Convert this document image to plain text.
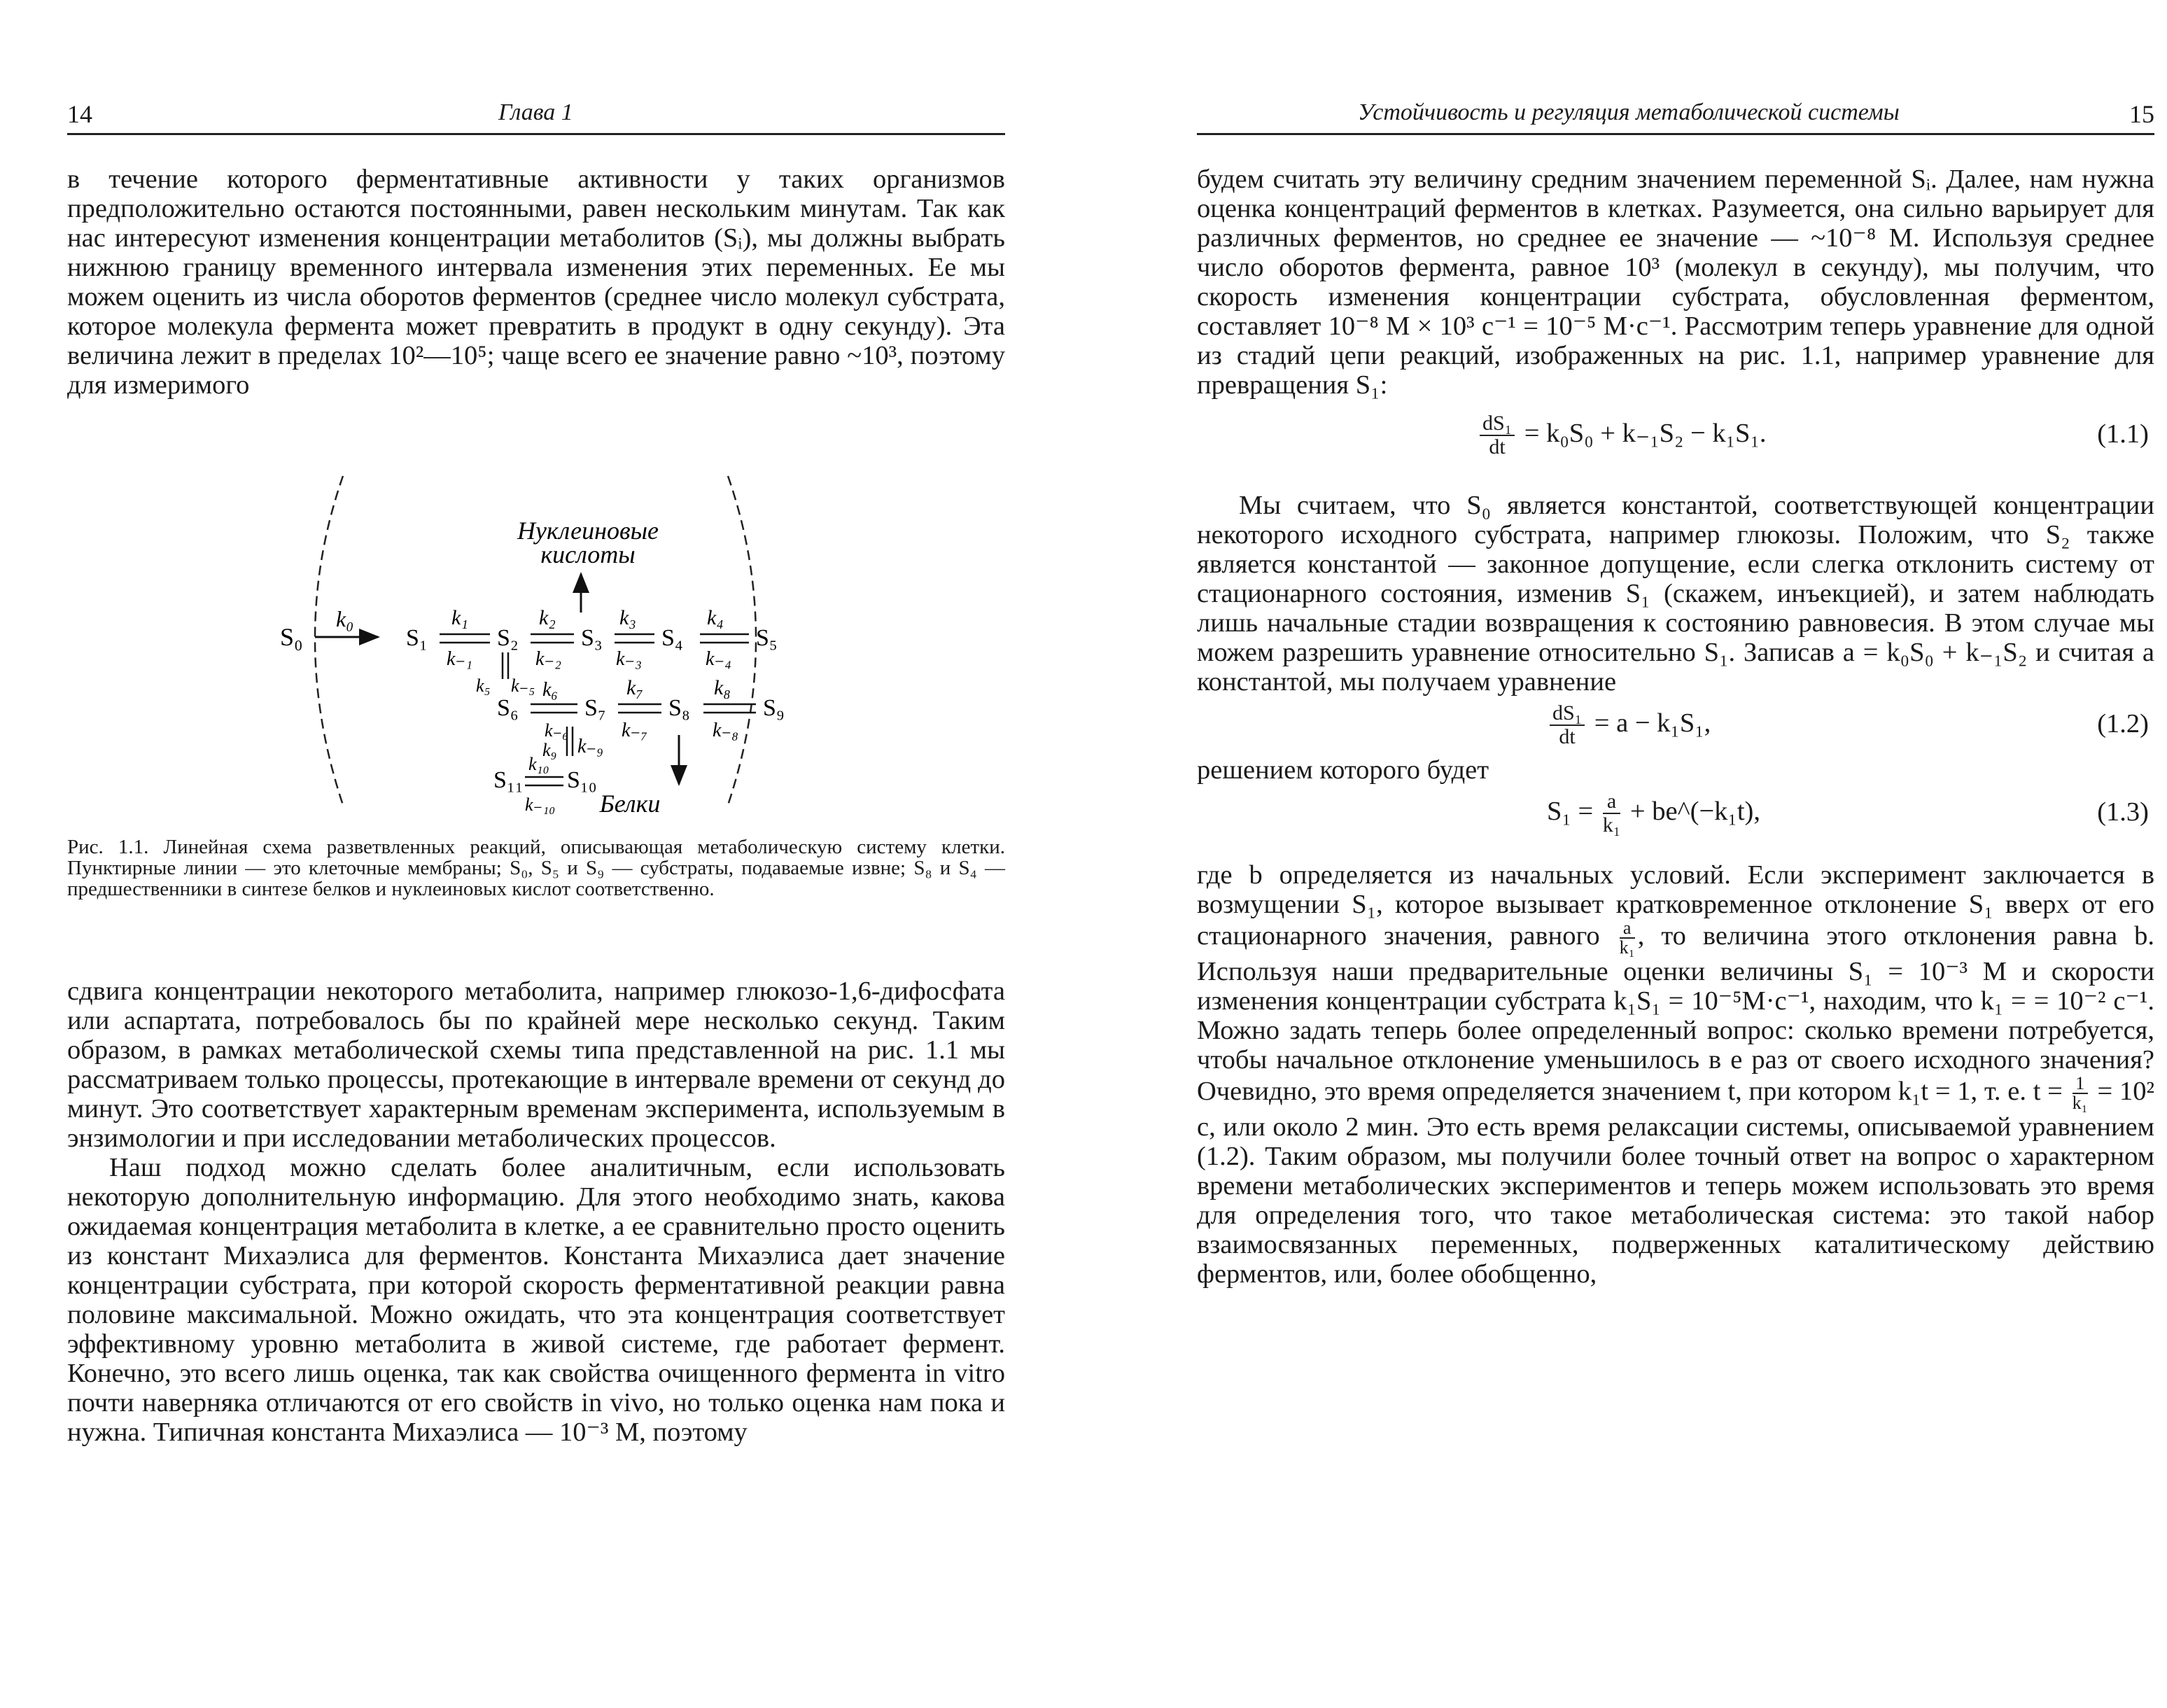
14	Глава 1

в течение которого ферментативные активности у таких организмов предположительно остаются постоянными, равен нескольким минутам. Так как нас интересуют изменения концентрации метаболитов (Sᵢ), мы должны выбрать нижнюю границу временного интервала изменения этих переменных. Ее мы можем оценить из числа оборотов ферментов (среднее число молекул субстрата, которое молекула фермента может превратить в продукт в одну секунду). Эта величина лежит в пределах 10²—10⁵; чаще всего ее значение равно ~10³, поэтому для измеримого

Нуклеиновые
кислоты
Белки
S₀
k₀
S₁	S₂	S₃ S₄	S₅
k₁
k₋₁
k₂
k₋₂
k₃
k₋₃
k₄
k₋₄
k₅ k₋₅
S₆	S₇	S₈	S₉
k₆
k₋₆
k₇
k₋₇
k₈
k₋₈
k₉ k₋₉
S₁₁ S₁₀
k₁₀
k₋₁₀
Рис. 1.1. Линейная схема разветвленных реакций, описывающая метаболическую систему клетки. Пунктирные линии — это клеточные мембраны; S₀, S₅ и S₉ — субстраты, подаваемые извне; S₈ и S₄ — предшественники в синтезе белков и нуклеиновых кислот соответственно.

сдвига концентрации некоторого метаболита, например глюкозо-1,6-дифосфата или аспартата, потребовалось бы по крайней мере несколько секунд. Таким образом, в рамках метаболической схемы типа представленной на рис. 1.1 мы рассматриваем только процессы, протекающие в интервале времени от секунд до минут. Это соответствует характерным временам эксперимента, используемым в энзимологии и при исследовании метаболических процессов.

Наш подход можно сделать более аналитичным, если использовать некоторую дополнительную информацию. Для этого необходимо знать, какова ожидаемая концентрация метаболита в клетке, а ее сравнительно просто оценить из констант Михаэлиса для ферментов. Константа Михаэлиса дает значение концентрации субстрата, при которой скорость ферментативной реакции равна половине максимальной. Можно ожидать, что эта концентрация соответствует эффективному уровню метаболита в живой системе, где работает фермент. Конечно, это всего лишь оценка, так как свойства очищенного фермента in vitro почти наверняка отличаются от его свойств in vivo, но только оценка нам пока и нужна. Типичная константа Михаэлиса — 10⁻³ М, поэтому

Устойчивость и регуляция метаболической системы	15

будем считать эту величину средним значением переменной Sᵢ. Далее, нам нужна оценка концентраций ферментов в клетках. Разумеется, она сильно варьирует для различных ферментов, но среднее ее значение — ~10⁻⁸ М. Используя среднее число оборотов фермента, равное 10³ (молекул в секунду), мы получим, что скорость изменения концентрации субстрата, обусловленная ферментом, составляет 10⁻⁸ М × 10³ с⁻¹ = 10⁻⁵ М·с⁻¹. Рассмотрим теперь уравнение для одной из стадий цепи реакций, изображенных на рис. 1.1, например уравнение для превращения S₁:

$\frac{\text{dS₁}}{dt} = k_0S_0 + k_{-1}S_2 - k_1S_1$.	(1.1)

Мы считаем, что S₀ является константой, соответствующей концентрации некоторого исходного субстрата, например глюкозы. Положим, что S₂ также является константой — законное допущение, если слегка отклонить систему от стационарного состояния, изменив S₁ (скажем, инъекцией), и затем наблюдать лишь начальные стадии возвращения к состоянию равновесия. В этом случае мы можем разрешить уравнение относительно S₁. Записав a = k₀S₀ + k₋₁S₂ и считая a константой, мы получаем уравнение

$\frac{\text{dS₁}}{dt} = a - k_1S_1$,	(1.2)

решением которого будет

$S_1 = \frac{a}{\text{k₁}}$ + be^(−k₁t),	(1.3)

где b определяется из начальных условий. Если эксперимент заключается в возмущении S₁, которое вызывает кратковременное отклонение S₁ вверх от его стационарного значения, равного $\frac{a}{\text{k₁}}$ , то величина этого отклонения равна b. Используя наши предварительные оценки величины S₁ = 10⁻³ М и скорости изменения концентрации субстрата k₁S₁ = 10⁻⁵М·с⁻¹, находим, что k₁ = = 10⁻² с⁻¹. Можно задать теперь более определенный вопрос: сколько времени потребуется, чтобы начальное отклонение уменьшилось в e раз от своего исходного значения? Очевидно, это время определяется значением t, при котором k₁t = 1, т. е. $t = \frac{1}{\text{k₁}} = 10^2$ с, или около 2 мин. Это есть время релаксации системы, описываемой уравнением (1.2). Таким образом, мы получили более точный ответ на вопрос о характерном времени метаболических экспериментов и теперь можем использовать это время для определения того, что такое метаболическая система: это такой набор взаимосвязанных переменных, подверженных каталитическому действию ферментов, или, более обобщенно,
